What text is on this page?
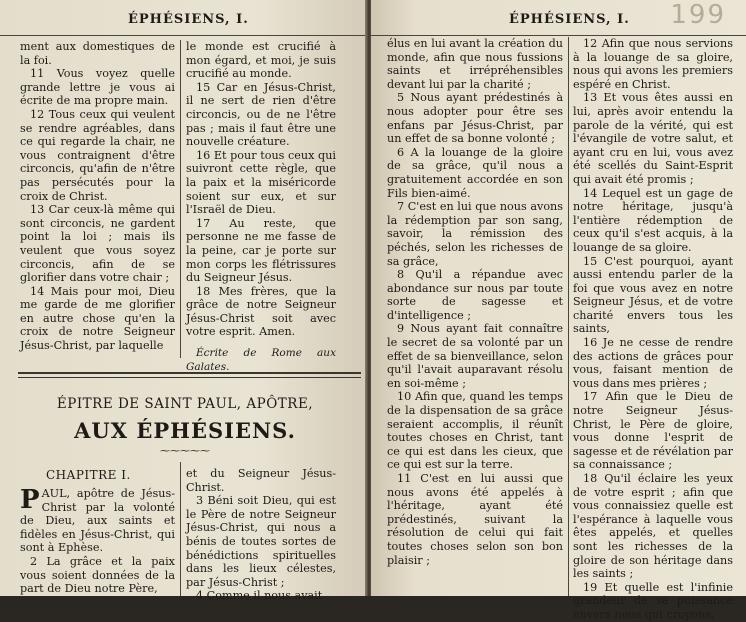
ÉPHÉSIENS, I.

ment aux domestiques de la foi.

11 Vous voyez quelle grande lettre je vous ai écrite de ma propre main.

12 Tous ceux qui veulent se rendre agréables, dans ce qui regarde la chair, ne vous contraignent d'être circoncis, qu'afin de n'être pas persécutés pour la croix de Christ.

13 Car ceux-là même qui sont circoncis, ne gardent point la loi ; mais ils veulent que vous soyez circoncis, afin de se glorifier dans votre chair ;

14 Mais pour moi, Dieu me garde de me glorifier en autre chose qu'en la croix de notre Seigneur Jésus-Christ, par laquelle

le monde est crucifié à mon égard, et moi, je suis crucifié au monde.

15 Car en Jésus-Christ, il ne sert de rien d'être circoncis, ou de ne l'être pas ; mais il faut être une nouvelle créature.

16 Et pour tous ceux qui suivront cette règle, que la paix et la miséricorde soient sur eux, et sur l'Israël de Dieu.

17 Au reste, que personne ne me fasse de la peine, car je porte sur mon corps les flétrissures du Seigneur Jésus.

18 Mes frères, que la grâce de notre Seigneur Jésus-Christ soit avec votre esprit. Amen.

Écrite de Rome aux Galates.

ÉPITRE DE SAINT PAUL, APÔTRE,
AUX ÉPHÉSIENS.
⁓⁓⁓⁓⁓
CHAPITRE I.

PAUL, apôtre de Jésus-Christ par la volonté de Dieu, aux saints et fidèles en Jésus-Christ, qui sont à Ephèse.

2 La grâce et la paix vous soient données de la part de Dieu notre Père,

et du Seigneur Jésus-Christ.

3 Béni soit Dieu, qui est le Père de notre Seigneur Jésus-Christ, qui nous a bénis de toutes sortes de bénédictions spirituelles dans les lieux célestes, par Jésus-Christ ;

4 Comme il nous avait

ÉPHÉSIENS, I. 199

élus en lui avant la création du monde, afin que nous fussions saints et irrépréhensibles devant lui par la charité ;

5 Nous ayant prédestinés à nous adopter pour être ses enfans par Jésus-Christ, par un effet de sa bonne volonté ;

6 A la louange de la gloire de sa grâce, qu'il nous a gratuitement accordée en son Fils bien-aimé.

7 C'est en lui que nous avons la rédemption par son sang, savoir, la rémission des péchés, selon les richesses de sa grâce,

8 Qu'il a répandue avec abondance sur nous par toute sorte de sagesse et d'intelligence ;

9 Nous ayant fait connaître le secret de sa volonté par un effet de sa bienveillance, selon qu'il l'avait auparavant résolu en soi-même ;

10 Afin que, quand les temps de la dispensation de sa grâce seraient accomplis, il réunît toutes choses en Christ, tant ce qui est dans les cieux, que ce qui est sur la terre.

11 C'est en lui aussi que nous avons été appelés à l'héritage, ayant été prédestinés, suivant la résolution de celui qui fait toutes choses selon son bon plaisir ;

12 Afin que nous servions à la louange de sa gloire, nous qui avons les premiers espéré en Christ.

13 Et vous êtes aussi en lui, après avoir entendu la parole de la vérité, qui est l'évangile de votre salut, et ayant cru en lui, vous avez été scellés du Saint-Esprit qui avait été promis ;

14 Lequel est un gage de notre héritage, jusqu'à l'entière rédemption de ceux qu'il s'est acquis, à la louange de sa gloire.

15 C'est pourquoi, ayant aussi entendu parler de la foi que vous avez en notre Seigneur Jésus, et de votre charité envers tous les saints,

16 Je ne cesse de rendre des actions de grâces pour vous, faisant mention de vous dans mes prières ;

17 Afin que le Dieu de notre Seigneur Jésus-Christ, le Père de gloire, vous donne l'esprit de sagesse et de révélation par sa connaissance ;

18 Qu'il éclaire les yeux de votre esprit ; afin que vous connaissiez quelle est l'espérance à laquelle vous êtes appelés, et quelles sont les richesses de la gloire de son héritage dans les saints ;

19 Et quelle est l'infinie grandeur de sa puissance envers nous qui croyons,
